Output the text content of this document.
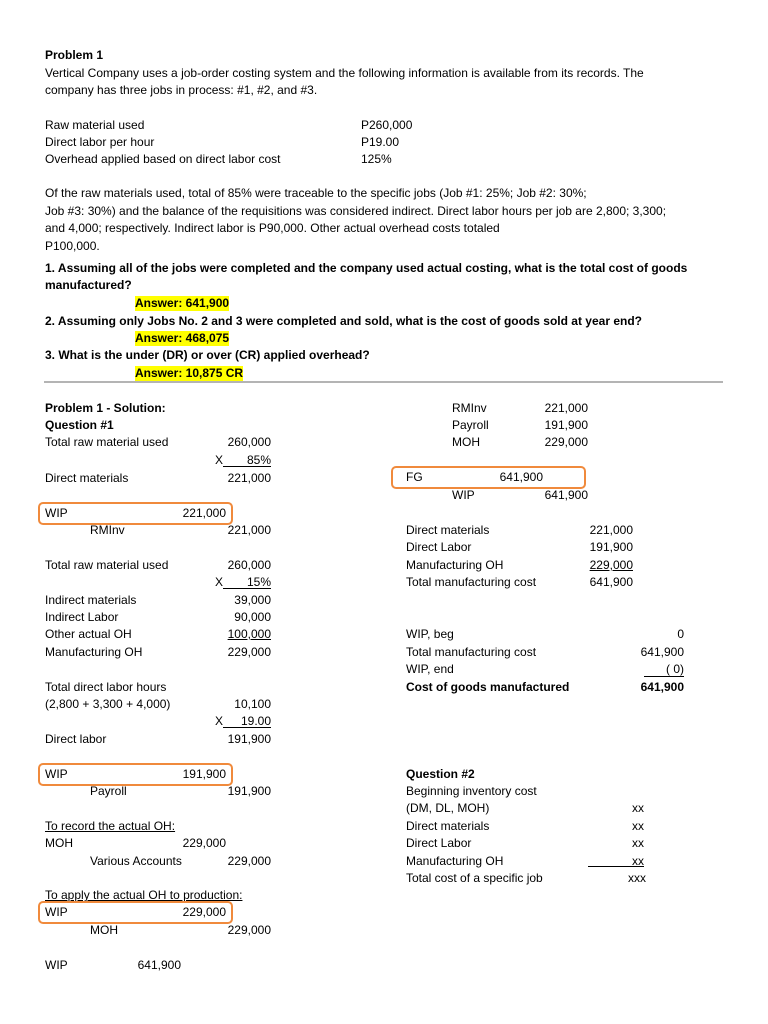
Problem 1
Vertical Company uses a job-order costing system and the following information is available from its records. The
company has three jobs in process: #1, #2, and #3.
Raw material used	P260,000
Direct labor per hour	P19.00
Overhead applied based on direct labor cost	125%
Of the raw materials used, total of 85% were traceable to the specific jobs (Job #1: 25%; Job #2: 30%;
Job #3: 30%) and the balance of the requisitions was considered indirect. Direct labor hours per job are 2,800; 3,300;
and 4,000; respectively. Indirect labor is P90,000. Other actual overhead costs totaled
P100,000.
1. Assuming all of the jobs were completed and the company used actual costing, what is the total cost of goods
manufactured?
Answer: 641,900
2. Assuming only Jobs No. 2 and 3 were completed and sold, what is the cost of goods sold at year end?
Answer: 468,075
3. What is the under (DR) or over (CR) applied overhead?
Answer: 10,875 CR
Problem 1 - Solution:
Question #1
Total raw material used	260,000
X	85%
Direct materials	221,000
WIP	221,000
RMInv	221,000
Total raw material used	260,000
X	15%
Indirect materials	39,000
Indirect Labor	90,000
Other actual OH	100,000
Manufacturing OH	229,000
Total direct labor hours
(2,800 + 3,300 + 4,000)	10,100
X	19.00
Direct labor	191,900
WIP	191,900
Payroll	191,900
To record the actual OH:
MOH	229,000
Various Accounts	229,000
To apply the actual OH to production:
WIP	229,000
MOH	229,000
WIP	641,900
RMInv	221,000
Payroll	191,900
MOH	229,000
FG	641,900
WIP	641,900
Direct materials	221,000
Direct Labor	191,900
Manufacturing OH	229,000
Total manufacturing cost	641,900
WIP, beg	0
Total manufacturing cost	641,900
WIP, end	( 0)
Cost of goods manufactured	641,900
Question #2
Beginning inventory cost
(DM, DL, MOH)	xx
Direct materials	xx
Direct Labor	xx
Manufacturing OH	xx
Total cost of a specific job	xxx
